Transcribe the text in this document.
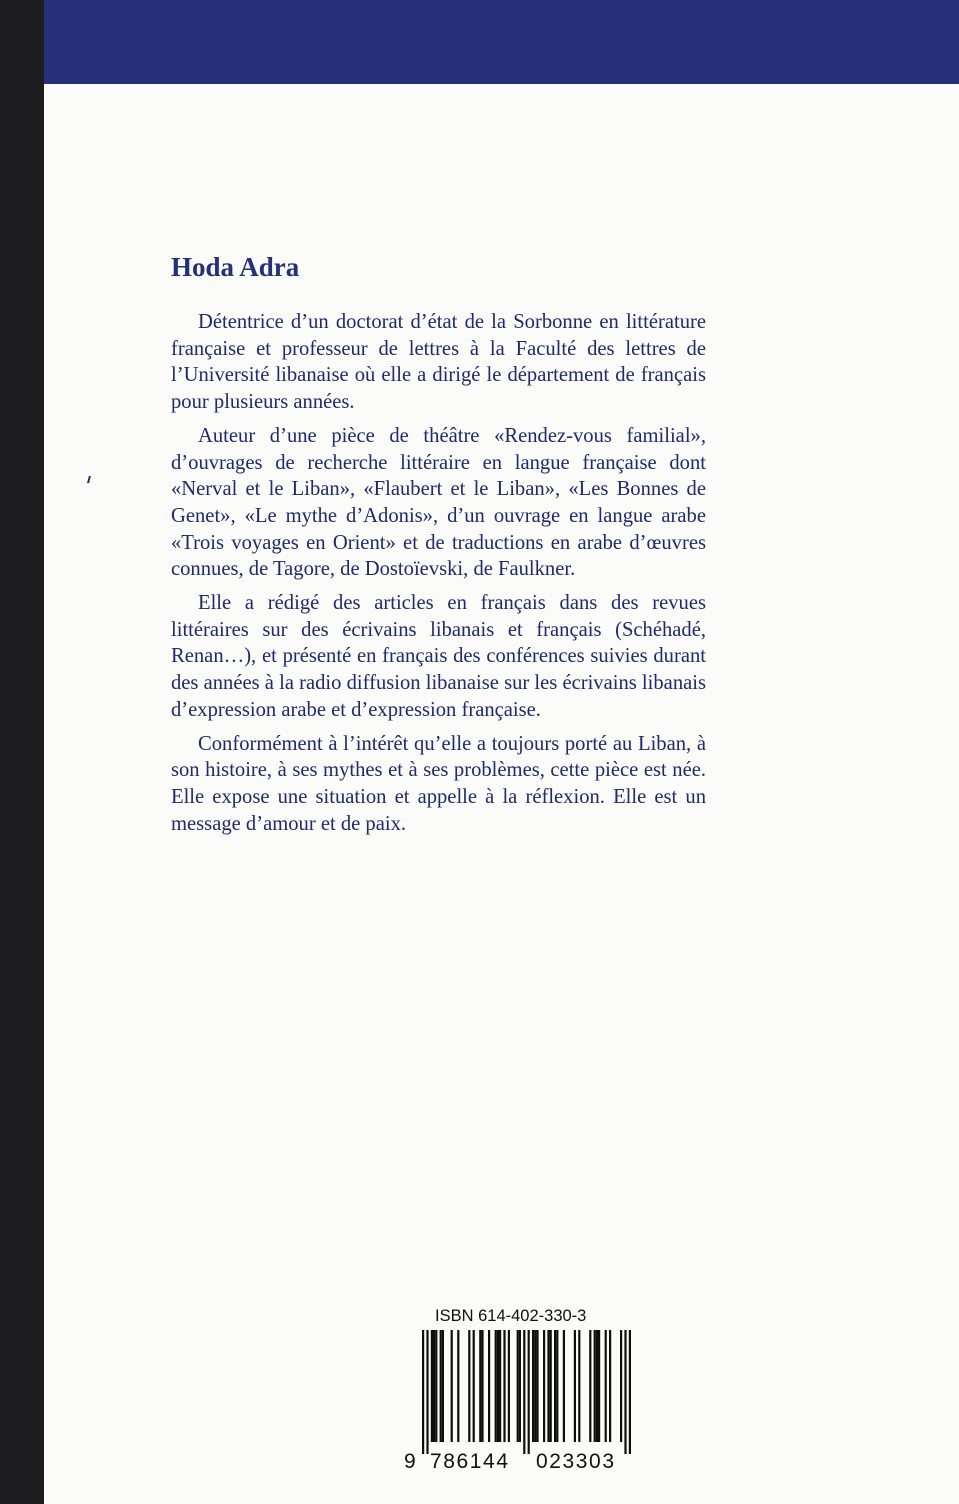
Hoda Adra

Détentrice d’un doctorat d’état de la Sorbonne en littérature française et professeur de lettres à la Faculté des lettres de l’Université libanaise où elle a dirigé le département de français pour plusieurs années.

Auteur d’une pièce de théâtre «Rendez-vous familial», d’ouvrages de recherche littéraire en langue française dont «Nerval et le Liban», «Flaubert et le Liban», «Les Bonnes de Genet», «Le mythe d’Adonis», d’un ouvrage en langue arabe «Trois voyages en Orient» et de traductions en arabe d’œuvres connues, de Tagore, de Dostoïevski, de Faulkner.

Elle a rédigé des articles en français dans des revues littéraires sur des écrivains libanais et français (Schéhadé, Renan…), et présenté en français des conférences suivies durant des années à la radio diffusion libanaise sur les écrivains libanais d’expression arabe et d’expression française.

Conformément à l’intérêt qu’elle a toujours porté au Liban, à son histoire, à ses mythes et à ses problèmes, cette pièce est née. Elle expose une situation et appelle à la réflexion. Elle est un message d’amour et de paix.

ISBN 614-402-330-3
9 786144 023303
